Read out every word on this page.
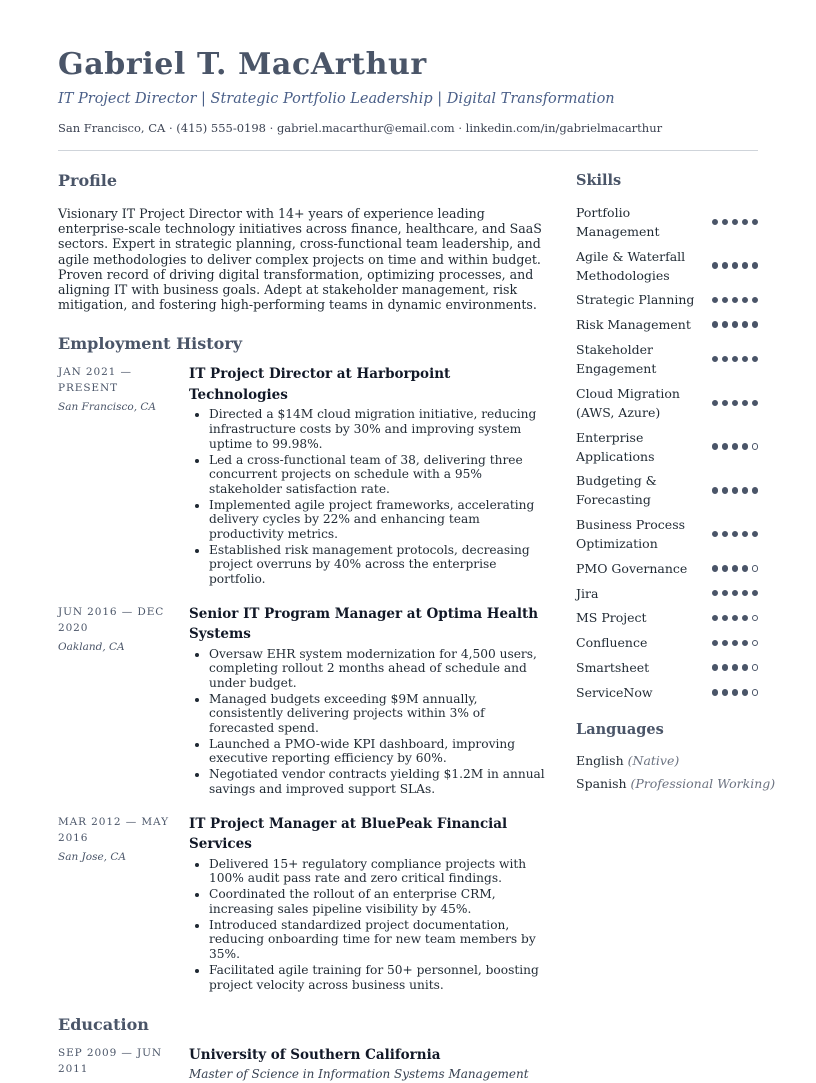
Gabriel T. MacArthur
IT Project Director | Strategic Portfolio Leadership | Digital Transformation
San Francisco, CA · (415) 555-0198 · gabriel.macarthur@email.com · linkedin.com/in/gabrielmacarthur
Profile

Visionary IT Project Director with 14+ years of experience leading enterprise-scale technology initiatives across finance, healthcare, and SaaS sectors. Expert in strategic planning, cross-functional team leadership, and agile methodologies to deliver complex projects on time and within budget. Proven record of driving digital transformation, optimizing processes, and aligning IT with business goals. Adept at stakeholder management, risk mitigation, and fostering high-performing teams in dynamic environments.

Employment History
JAN 2021 — PRESENT
San Francisco, CA
IT Project Director at Harborpoint Technologies
• Directed a $14M cloud migration initiative, reducing infrastructure costs by 30% and improving system uptime to 99.98%.
• Led a cross-functional team of 38, delivering three concurrent projects on schedule with a 95% stakeholder satisfaction rate.
• Implemented agile project frameworks, accelerating delivery cycles by 22% and enhancing team productivity metrics.
• Established risk management protocols, decreasing project overruns by 40% across the enterprise portfolio.
JUN 2016 — DEC 2020
Oakland, CA
Senior IT Program Manager at Optima Health Systems
• Oversaw EHR system modernization for 4,500 users, completing rollout 2 months ahead of schedule and under budget.
• Managed budgets exceeding $9M annually, consistently delivering projects within 3% of forecasted spend.
• Launched a PMO-wide KPI dashboard, improving executive reporting efficiency by 60%.
• Negotiated vendor contracts yielding $1.2M in annual savings and improved support SLAs.
MAR 2012 — MAY 2016
San Jose, CA
IT Project Manager at BluePeak Financial Services
• Delivered 15+ regulatory compliance projects with 100% audit pass rate and zero critical findings.
• Coordinated the rollout of an enterprise CRM, increasing sales pipeline visibility by 45%.
• Introduced standardized project documentation, reducing onboarding time for new team members by 35%.
• Facilitated agile training for 50+ personnel, boosting project velocity across business units.
Education
SEP 2009 — JUN 2011
University of Southern California
Master of Science in Information Systems Management
Skills
Portfolio Management
Agile & Waterfall Methodologies
Strategic Planning
Risk Management
Stakeholder Engagement
Cloud Migration (AWS, Azure)
Enterprise Applications
Budgeting & Forecasting
Business Process Optimization
PMO Governance
Jira
MS Project
Confluence
Smartsheet
ServiceNow
Languages
English (Native)
Spanish (Professional Working)
